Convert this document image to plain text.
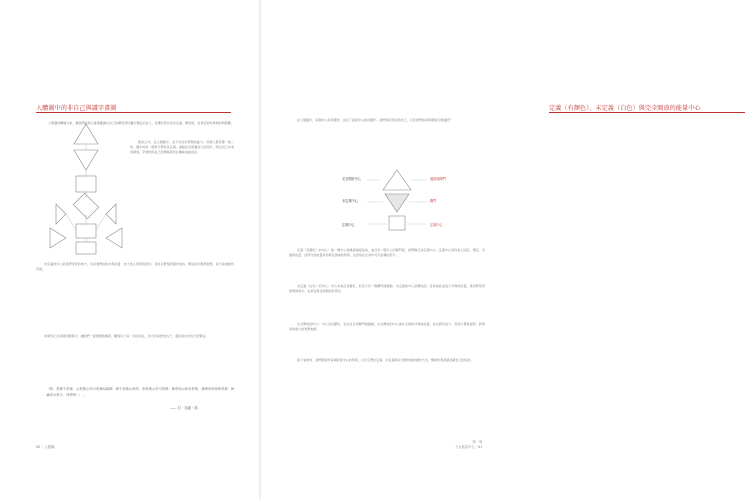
人體圖中的非自己與識字畫圖
人類圖的精確分析，讓我們能夠正確地鑑識出自己的哪些部位屬於穩定的自己，而哪些部位是未定義、開放的，容易受到外界制約與影響。
除此之外，在人類圖中，並不存在好與壞的區分。每個人都是獨一無二的，圖中的每一個部分都有其意義。重點在於認識自己的設計，明白自己本來的樣貌，學會依照自己的策略與內在權威來做決定。
未定義的中心是我們學習的地方，也是我們接收外界能量、放大他人特質的部位。若能以覺察的眼光看待，便能從中獲得智慧，而不是被制約所困。
如果你正在這樣的過程中，讓我們一起慢慢地練習，觀察自己每一次的決定，是出於真實的自己，還是來自非自己的聲音。
「我，是我不是我，全是我之所以是我的真諦；我不是我而是你，你是我之所以是我；我是你而你也是我，我即是你你即是我，無論是合是分，皆是同一。」
—— 拉・烏盧・胡
80 ｜人類圖
定義（有顏色）、未定義（白色）與完全開放的能量中心
在人類圖中，每個中心如何運作，決定了能量中心如何運作。我們如何感受到自己，以及我們如何與環境互相連結？
完全開放中心
未定義中心
定義中心
通道與閘門
閘門
定義中心
定義（有顏色）的中心：當一個中心被通道連接起來，並且有一個以上的閘門時，我們稱它為定義中心。定義中心是你身上固定、穩定、可靠的能量，這部分的能量是你與生俱來的特質，也是你在生命中可以信賴的部分。
未定義（白色）的中心：中心本身沒有顏色，但至少有一個閘門被啟動。未定義的中心是開放的，容易接收並放大外界的能量，是我們學習智慧的地方，也是容易受到制約的部位。
完全開放的中心：中心沒有顏色，也沒有任何閘門被啟動。完全開放的中心會完全接收外界的能量，並且將其放大。若能以覺察面對，將會是你最大的智慧來源。
接下來幾頁，我們將探討每個能量中心的特質，以及它們在定義、未定義與完全開放時的運作方式，幫助你更清楚認識自己的設計。
第一章
九大能量中心｜81
